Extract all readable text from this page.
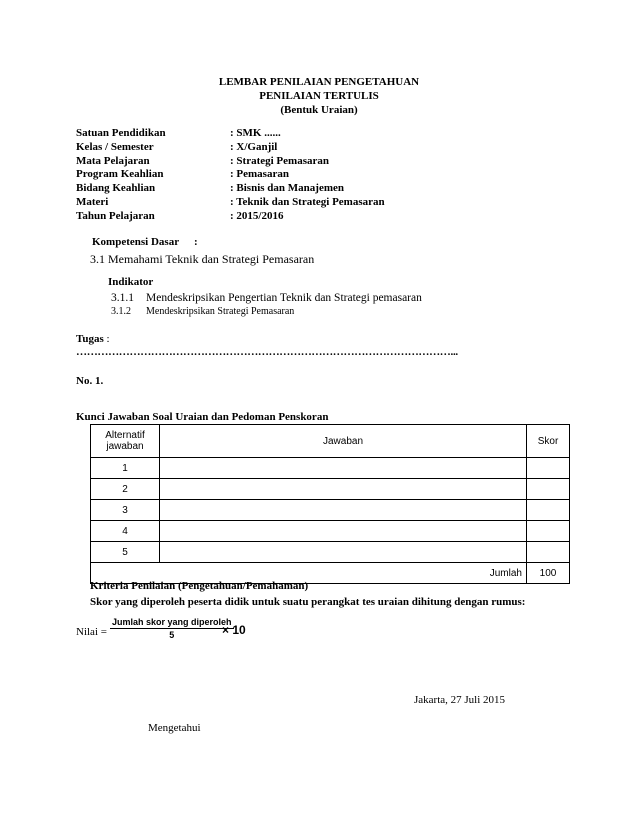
LEMBAR PENILAIAN PENGETAHUAN
PENILAIAN TERTULIS
(Bentuk Uraian)
Satuan Pendidikan	: SMK ......
Kelas / Semester	: X/Ganjil
Mata Pelajaran	: Strategi Pemasaran
Program Keahlian	: Pemasaran
Bidang Keahlian	: Bisnis dan Manajemen
Materi	: Teknik dan Strategi Pemasaran
Tahun Pelajaran	: 2015/2016
Kompetensi Dasar :
3.1 Memahami Teknik dan Strategi Pemasaran
Indikator
3.1.1 Mendeskripsikan Pengertian Teknik dan Strategi pemasaran
3.1.2 Mendeskripsikan Strategi Pemasaran
Tugas :
……………………………………………………………………………………………...
No. 1.
Kunci Jawaban Soal Uraian dan Pedoman Penskoran
Alternatif
jawaban	Jawaban	Skor
1		
2		
3		
4		
5		
Jumlah		100
Kriteria Penilaian (Pengetahuan/Pemahaman)
Skor yang diperoleh peserta didik untuk suatu perangkat tes uraian dihitung dengan rumus:
Nilai =
Jumlah skor yang diperoleh
5	× 10
Jakarta, 27 Juli 2015
Mengetahui
